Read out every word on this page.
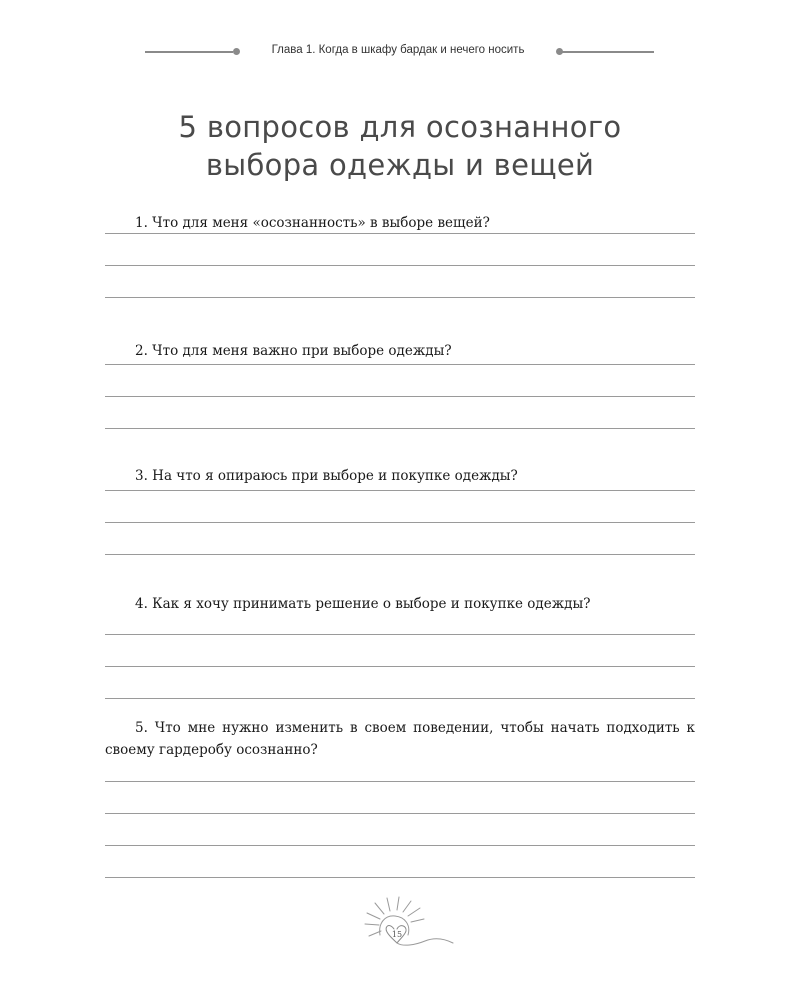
Глава 1. Когда в шкафу бардак и нечего носить
5 вопросов для осознанного
выбора одежды и вещей
1. Что для меня «осознанность» в выборе вещей?
2. Что для меня важно при выборе одежды?
3. На что я опираюсь при выборе и покупке одежды?
4. Как я хочу принимать решение о выборе и покупке одежды?
5. Что мне нужно изменить в своем поведении, чтобы начать подходить к своему гардеробу осознанно?
15
